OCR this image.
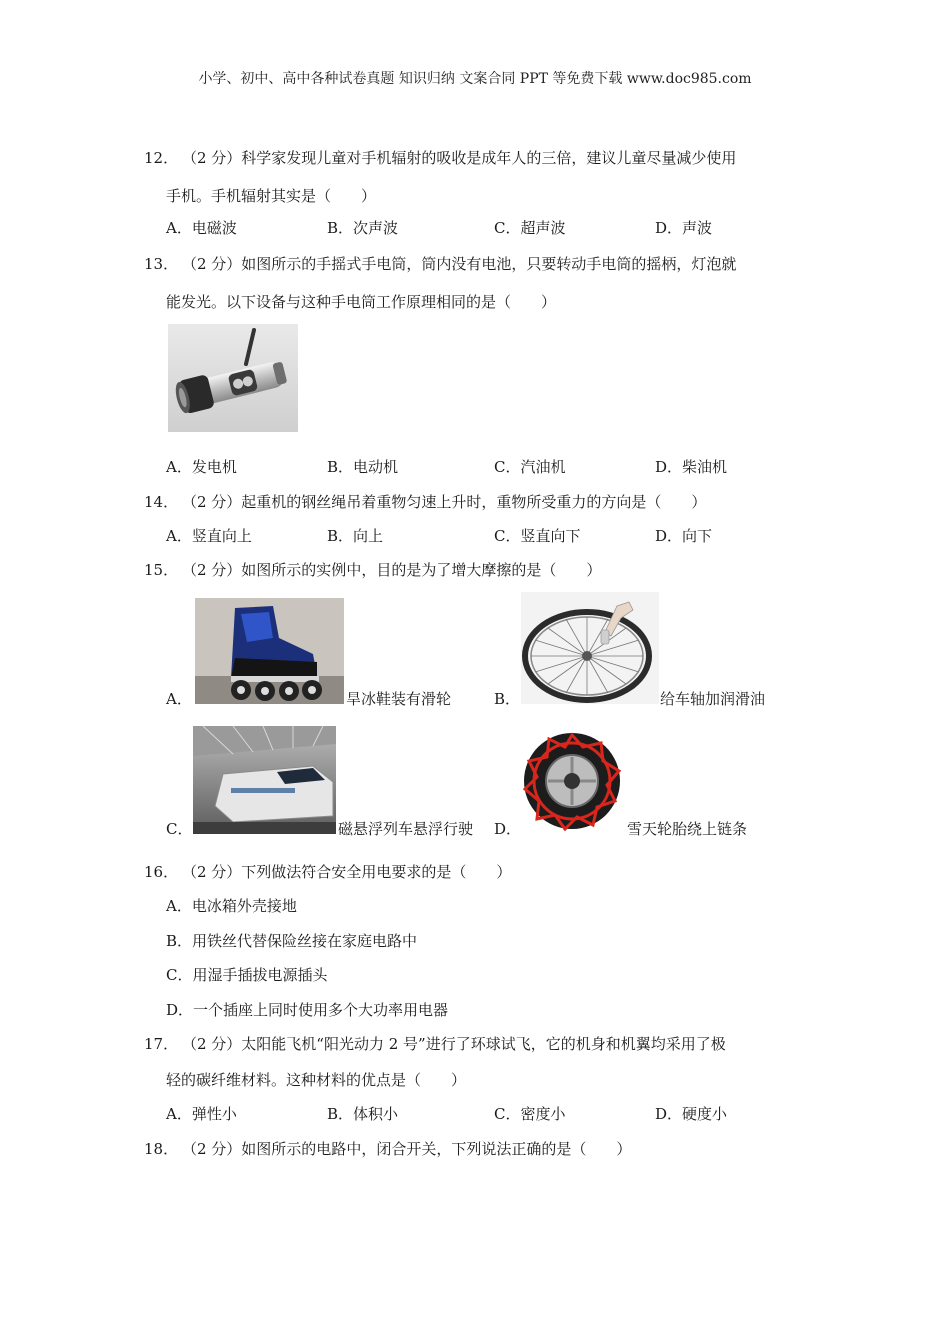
小学、初中、高中各种试卷真题 知识归纳 文案合同 PPT 等免费下载 www.doc985.com
12． （2 分）科学家发现儿童对手机辐射的吸收是成年人的三倍，建议儿童尽量减少使用
手机。手机辐射其实是（　　）
A．电磁波	B．次声波	C．超声波	D．声波
13． （2 分）如图所示的手摇式手电筒，筒内没有电池，只要转动手电筒的摇柄，灯泡就
能发光。以下设备与这种手电筒工作原理相同的是（　　）
A．发电机	B．电动机	C．汽油机	D．柴油机
14． （2 分）起重机的钢丝绳吊着重物匀速上升时，重物所受重力的方向是（　　）
A．竖直向上	B．向上	C．竖直向下	D．向下
15． （2 分）如图所示的实例中，目的是为了增大摩擦的是（　　）
A．	旱冰鞋装有滑轮	B．	给车轴加润滑油
C．	磁悬浮列车悬浮行驶 D．	雪天轮胎绕上链条
16． （2 分）下列做法符合安全用电要求的是（　　）
A．电冰箱外壳接地
B．用铁丝代替保险丝接在家庭电路中
C．用湿手插拔电源插头
D．一个插座上同时使用多个大功率用电器
17． （2 分）太阳能飞机“阳光动力 2 号”进行了环球试飞，它的机身和机翼均采用了极
轻的碳纤维材料。这种材料的优点是（　　）
A．弹性小	B．体积小	C．密度小	D．硬度小
18． （2 分）如图所示的电路中，闭合开关，下列说法正确的是（　　）
